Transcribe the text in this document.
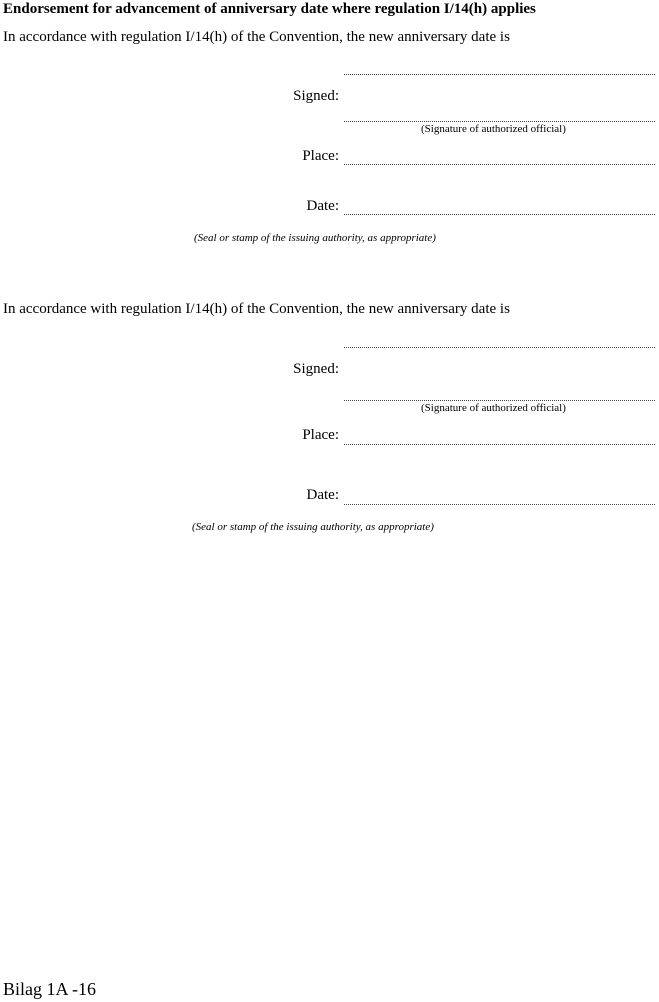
Endorsement for advancement of anniversary date where regulation I/14(h) applies
In accordance with regulation I/14(h) of the Convention, the new anniversary date is
Signed:
(Signature of authorized official)
Place:
Date:
(Seal or stamp of the issuing authority, as appropriate)
In accordance with regulation I/14(h) of the Convention, the new anniversary date is
Signed:
(Signature of authorized official)
Place:
Date:
(Seal or stamp of the issuing authority, as appropriate)
Bilag 1A -16
